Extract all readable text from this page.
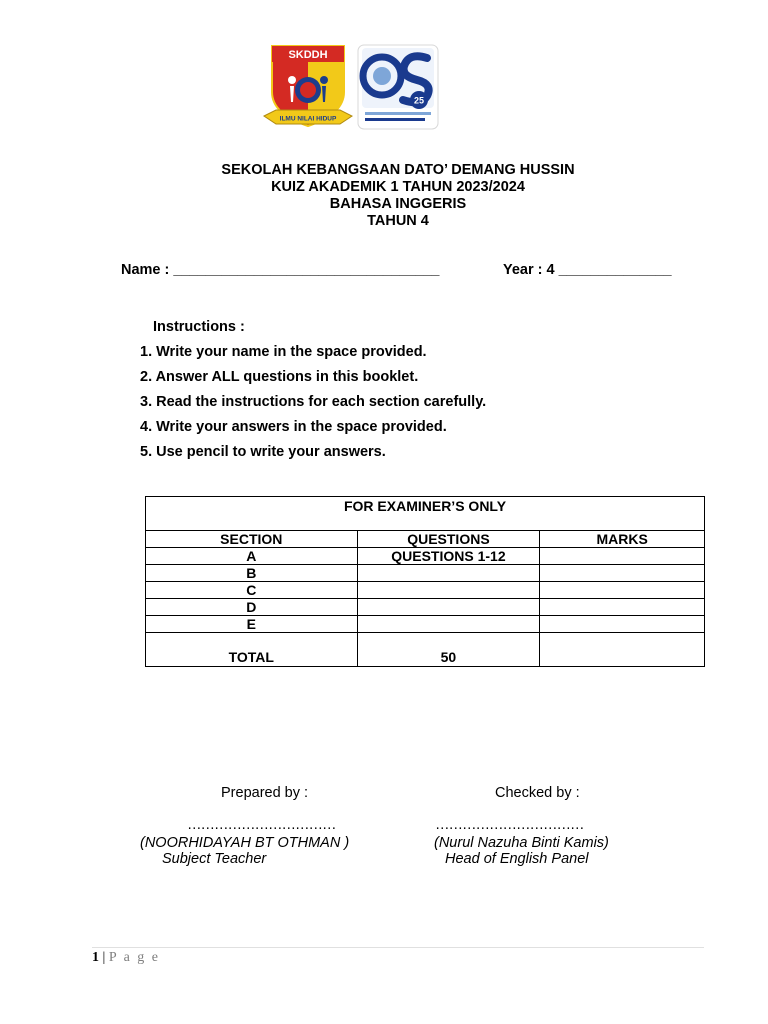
SKDDH
ILMU NILAI HIDUP
25
SEKOLAH KEBANGSAAN DATO’ DEMANG HUSSIN
KUIZ AKADEMIK 1 TAHUN 2023/2024
BAHASA INGGERIS
TAHUN 4
Name : _________________________________	Year : 4 ______________
Instructions :
1. Write your name in the space provided.
2. Answer ALL questions in this booklet.
3. Read the instructions for each section carefully.
4. Write your answers in the space provided.
5. Use pencil to write your answers.
FOR EXAMINER’S ONLY		
SECTION	QUESTIONS	MARKS
A	QUESTIONS 1-12	
B		
C		
D		
E		
TOTAL	50	
Prepared by :
……………………………
(NOORHIDAYAH BT OTHMAN )
Subject Teacher
Checked by :
……………………………
(Nurul Nazuha Binti Kamis)
Head of English Panel
1 | P a g e
